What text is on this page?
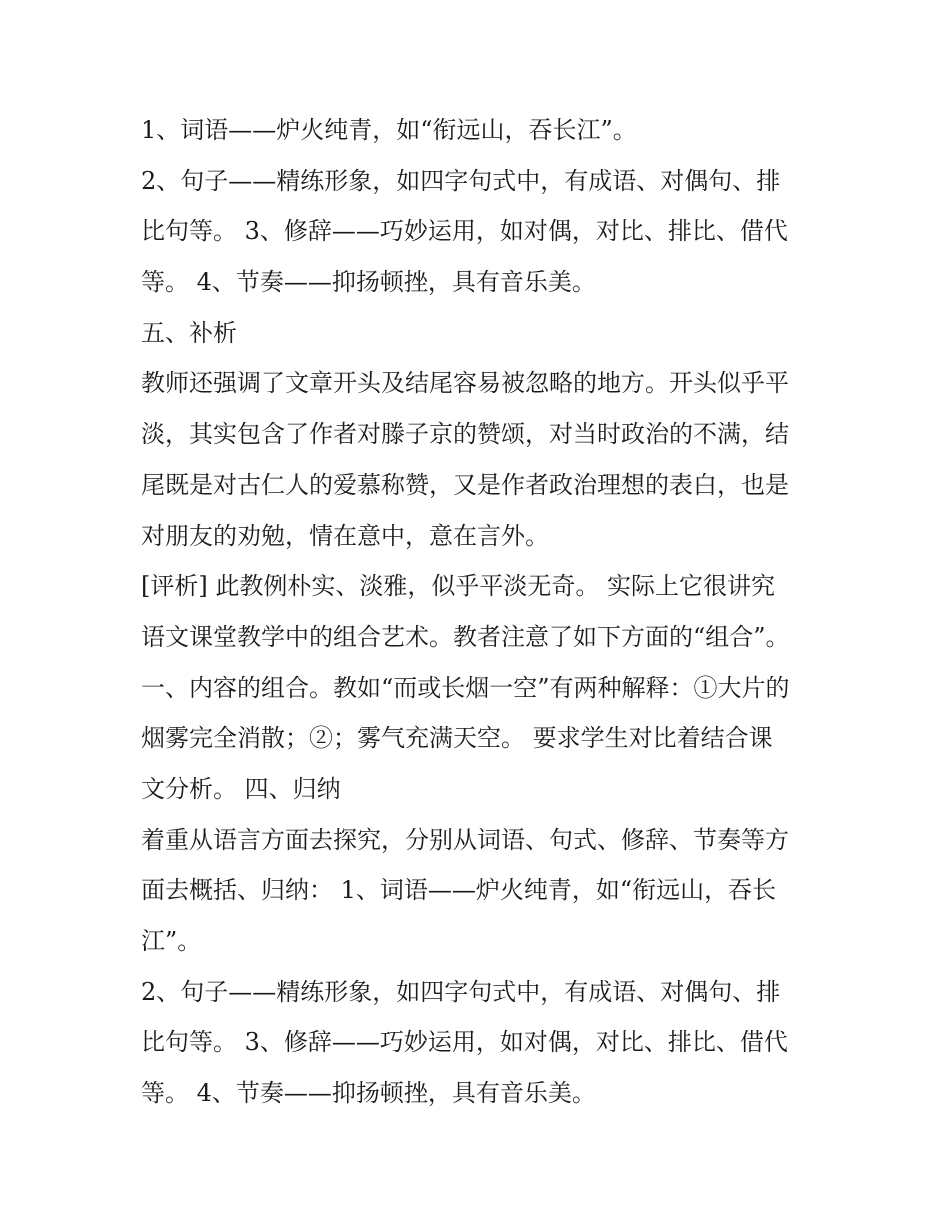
1、词语——炉火纯青，如“衔远山，吞长江”。
2、句子——精练形象，如四字句式中，有成语、对偶句、排
比句等。 3、修辞——巧妙运用，如对偶，对比、排比、借代
等。 4、节奏——抑扬顿挫，具有音乐美。
五、补析
教师还强调了文章开头及结尾容易被忽略的地方。开头似乎平
淡，其实包含了作者对滕子京的赞颂，对当时政治的不满，结
尾既是对古仁人的爱慕称赞，又是作者政治理想的表白，也是
对朋友的劝勉，情在意中，意在言外。
[评析] 此教例朴实、淡雅，似乎平淡无奇。 实际上它很讲究
语文课堂教学中的组合艺术。教者注意了如下方面的“组合”。
一、内容的组合。教如“而或长烟一空”有两种解释：①大片的
烟雾完全消散；②；雾气充满天空。 要求学生对比着结合课
文分析。 四、归纳
着重从语言方面去探究，分别从词语、句式、修辞、节奏等方
面去概括、归纳： 1、词语——炉火纯青，如“衔远山，吞长
江”。
2、句子——精练形象，如四字句式中，有成语、对偶句、排
比句等。 3、修辞——巧妙运用，如对偶，对比、排比、借代
等。 4、节奏——抑扬顿挫，具有音乐美。
